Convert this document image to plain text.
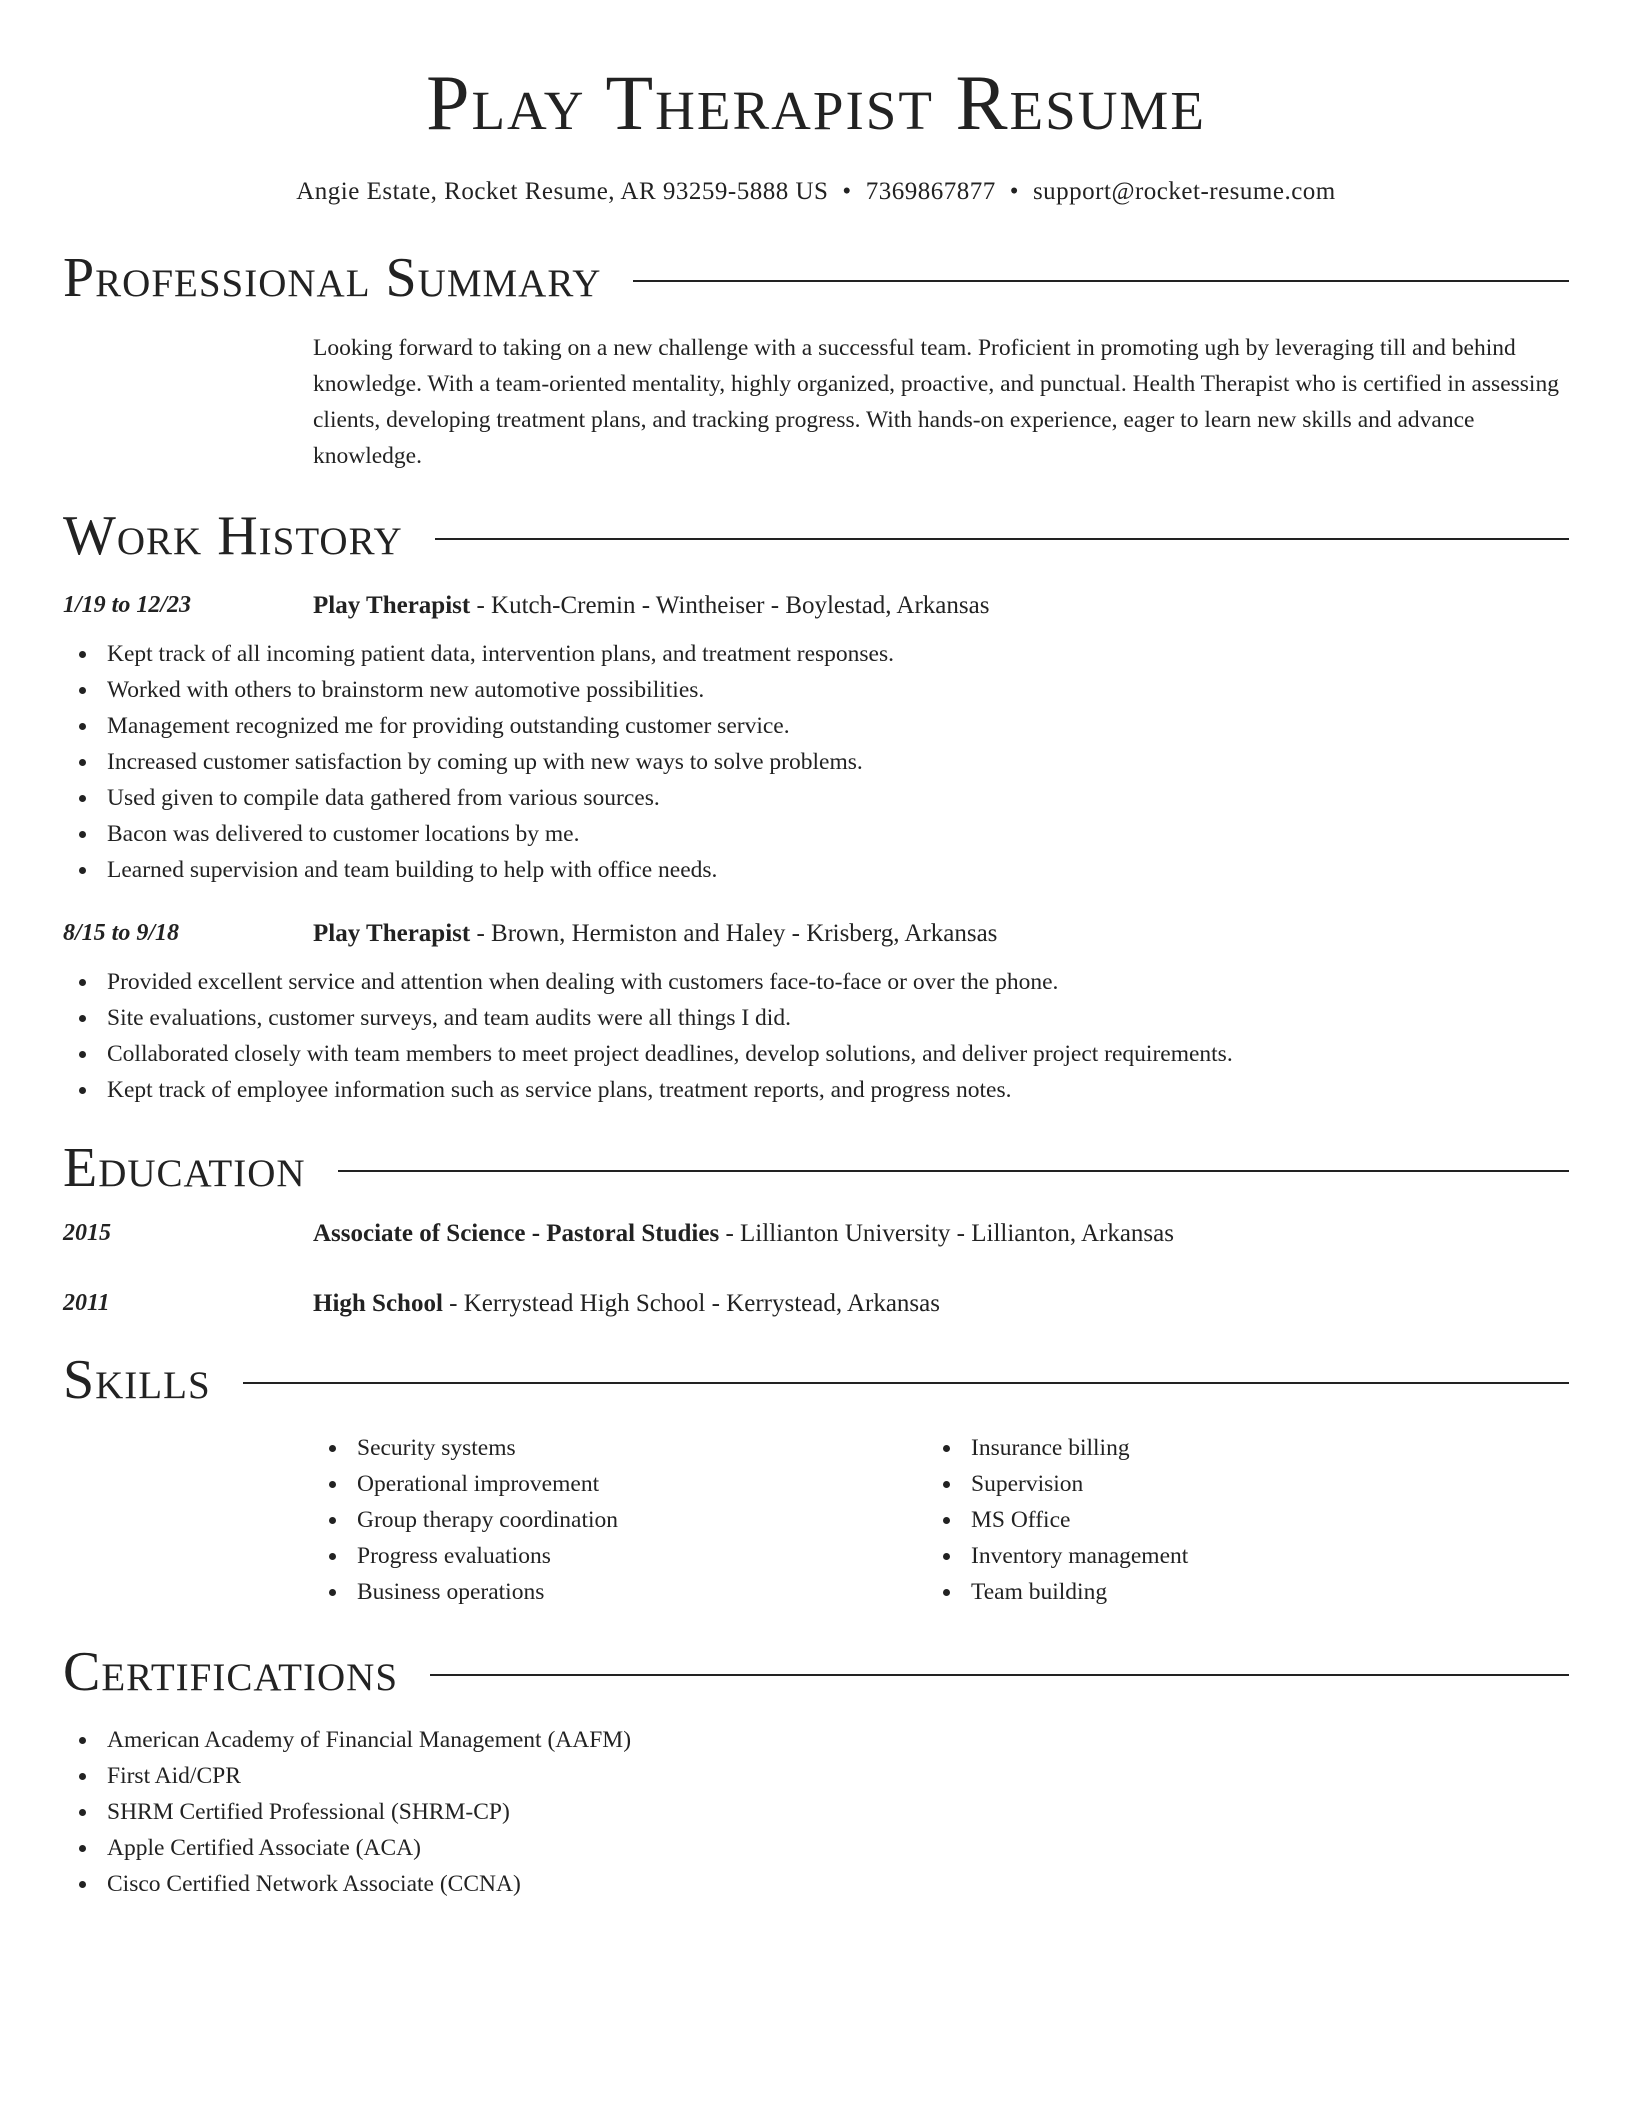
Play Therapist Resume
Angie Estate, Rocket Resume, AR 93259-5888 US • 7369867877 • support@rocket-resume.com
Professional Summary

Looking forward to taking on a new challenge with a successful team. Proficient in promoting ugh by leveraging till and behind knowledge. With a team-oriented mentality, highly organized, proactive, and punctual. Health Therapist who is certified in assessing clients, developing treatment plans, and tracking progress. With hands-on experience, eager to learn new skills and advance knowledge.

Work History
1/19 to 12/23	Play Therapist - Kutch-Cremin - Wintheiser - Boylestad, Arkansas
Kept track of all incoming patient data, intervention plans, and treatment responses.
Worked with others to brainstorm new automotive possibilities.
Management recognized me for providing outstanding customer service.
Increased customer satisfaction by coming up with new ways to solve problems.
Used given to compile data gathered from various sources.
Bacon was delivered to customer locations by me.
Learned supervision and team building to help with office needs.
8/15 to 9/18	Play Therapist - Brown, Hermiston and Haley - Krisberg, Arkansas
Provided excellent service and attention when dealing with customers face-to-face or over the phone.
Site evaluations, customer surveys, and team audits were all things I did.
Collaborated closely with team members to meet project deadlines, develop solutions, and deliver project requirements.
Kept track of employee information such as service plans, treatment reports, and progress notes.
Education
2015	Associate of Science - Pastoral Studies - Lillianton University - Lillianton, Arkansas
2011	High School - Kerrystead High School - Kerrystead, Arkansas
Skills
Security systems
Operational improvement
Group therapy coordination
Progress evaluations
Business operations
Insurance billing
Supervision
MS Office
Inventory management
Team building
Certifications
American Academy of Financial Management (AAFM)
First Aid/CPR
SHRM Certified Professional (SHRM-CP)
Apple Certified Associate (ACA)
Cisco Certified Network Associate (CCNA)
